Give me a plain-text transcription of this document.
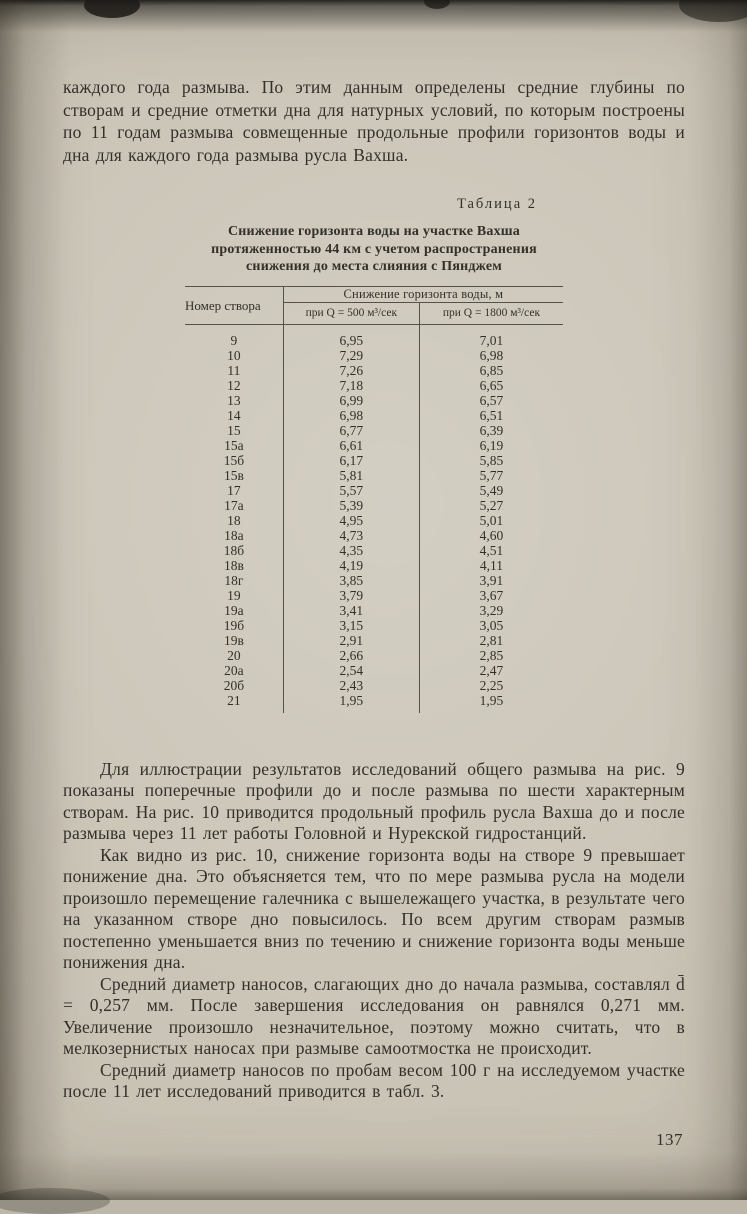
каждого года размыва. По этим данным определены средние глубины по створам и средние отметки дна для натурных условий, по которым построены по 11 годам размыва совмещенные продольные профили горизонтов воды и дна для каждого года размыва русла Вахша.

Таблица 2
Снижение горизонта воды на участке Вахша протяженностью 44 км с учетом распространения снижения до места слияния с Пянджем
Номер створа	Снижение горизонта воды, м	
	при Q = 500 м³/сек	при Q = 1800 м³/сек
9	6,95	7,01
10	7,29	6,98
11	7,26	6,85
12	7,18	6,65
13	6,99	6,57
14	6,98	6,51
15	6,77	6,39
15а	6,61	6,19
15б	6,17	5,85
15в	5,81	5,77
17	5,57	5,49
17а	5,39	5,27
18	4,95	5,01
18а	4,73	4,60
18б	4,35	4,51
18в	4,19	4,11
18г	3,85	3,91
19	3,79	3,67
19а	3,41	3,29
19б	3,15	3,05
19в	2,91	2,81
20	2,66	2,85
20а	2,54	2,47
20б	2,43	2,25
21	1,95	1,95

Для иллюстрации результатов исследований общего размыва на рис. 9 показаны поперечные профили до и после размыва по шести характерным створам. На рис. 10 приводится продольный профиль русла Вахша до и после размыва через 11 лет работы Головной и Нурекской гидростанций.

Как видно из рис. 10, снижение горизонта воды на створе 9 превышает понижение дна. Это объясняется тем, что по мере размыва русла на модели произошло перемещение галечника с вышележащего участка, в результате чего на указанном створе дно повысилось. По всем другим створам размыв постепенно уменьшается вниз по течению и снижение горизонта воды меньше понижения дна.

Средний диаметр наносов, слагающих дно до начала размыва, составлял d̄ = 0,257 мм. После завершения исследования он равнялся 0,271 мм. Увеличение произошло незначительное, поэтому можно считать, что в мелкозернистых наносах при размыве самоотмостка не происходит.

Средний диаметр наносов по пробам весом 100 г на исследуемом участке после 11 лет исследований приводится в табл. 3.

137
